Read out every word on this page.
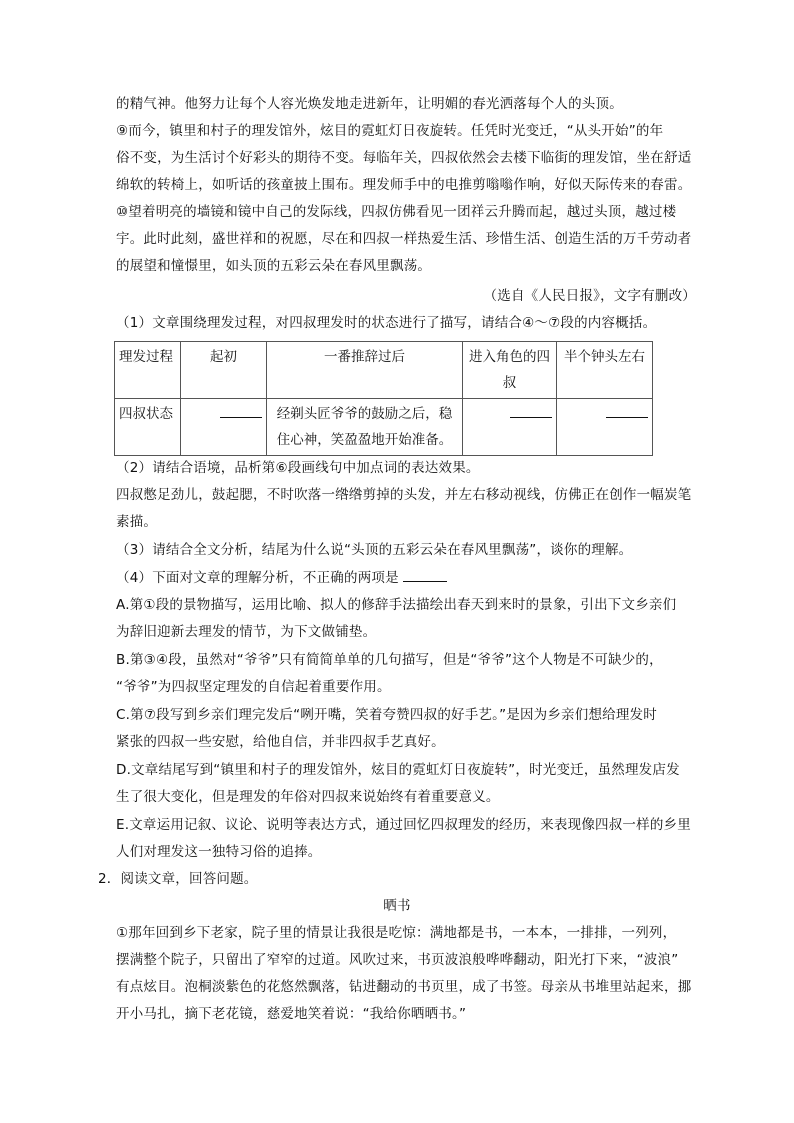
的精气神。他努力让每个人容光焕发地走进新年，让明媚的春光洒落每个人的头顶。
⑨而今，镇里和村子的理发馆外，炫目的霓虹灯日夜旋转。任凭时光变迁，“从头开始”的年
俗不变，为生活讨个好彩头的期待不变。每临年关，四叔依然会去楼下临街的理发馆，坐在舒适
绵软的转椅上，如听话的孩童披上围布。理发师手中的电推剪嗡嗡作响，好似天际传来的春雷。
⑩望着明亮的墙镜和镜中自己的发际线，四叔仿佛看见一团祥云升腾而起，越过头顶，越过楼
宇。此时此刻，盛世祥和的祝愿，尽在和四叔一样热爱生活、珍惜生活、创造生活的万千劳动者
的展望和憧憬里，如头顶的五彩云朵在春风里飘荡。
（选自《人民日报》，文字有删改）
（1）文章围绕理发过程，对四叔理发时的状态进行了描写，请结合④～⑦段的内容概括。
理发过程	起初	一番推辞过后	进入角色的四叔	半个钟头左右
四叔状态		经剃头匠爷爷的鼓励之后，稳住心神，笑盈盈地开始准备。		
（2）请结合语境，品析第⑥段画线句中加点词的表达效果。
四叔憋足劲儿，鼓起腮，不时吹落一绺绺剪掉的头发，并左右移动视线，仿佛正在创作一幅炭笔
素描。
（3）请结合全文分析，结尾为什么说“头顶的五彩云朵在春风里飘荡”，谈你的理解。
（4）下面对文章的理解分析，不正确的两项是
A.第①段的景物描写，运用比喻、拟人的修辞手法描绘出春天到来时的景象，引出下文乡亲们
为辞旧迎新去理发的情节，为下文做铺垫。
B.第③④段，虽然对“爷爷”只有简简单单的几句描写，但是“爷爷”这个人物是不可缺少的，
“爷爷”为四叔坚定理发的自信起着重要作用。
C.第⑦段写到乡亲们理完发后“咧开嘴，笑着夸赞四叔的好手艺。”是因为乡亲们想给理发时
紧张的四叔一些安慰，给他自信，并非四叔手艺真好。
D.文章结尾写到“镇里和村子的理发馆外，炫目的霓虹灯日夜旋转”，时光变迁，虽然理发店发
生了很大变化，但是理发的年俗对四叔来说始终有着重要意义。
E.文章运用记叙、议论、说明等表达方式，通过回忆四叔理发的经历，来表现像四叔一样的乡里
人们对理发这一独特习俗的追捧。
2．阅读文章，回答问题。
晒书
①那年回到乡下老家，院子里的情景让我很是吃惊：满地都是书，一本本，一排排，一列列，
摆满整个院子，只留出了窄窄的过道。风吹过来，书页波浪般哗哗翻动，阳光打下来，“波浪”
有点炫目。泡桐淡紫色的花悠然飘落，钻进翻动的书页里，成了书签。母亲从书堆里站起来，挪
开小马扎，摘下老花镜，慈爱地笑着说：“我给你晒晒书。”
